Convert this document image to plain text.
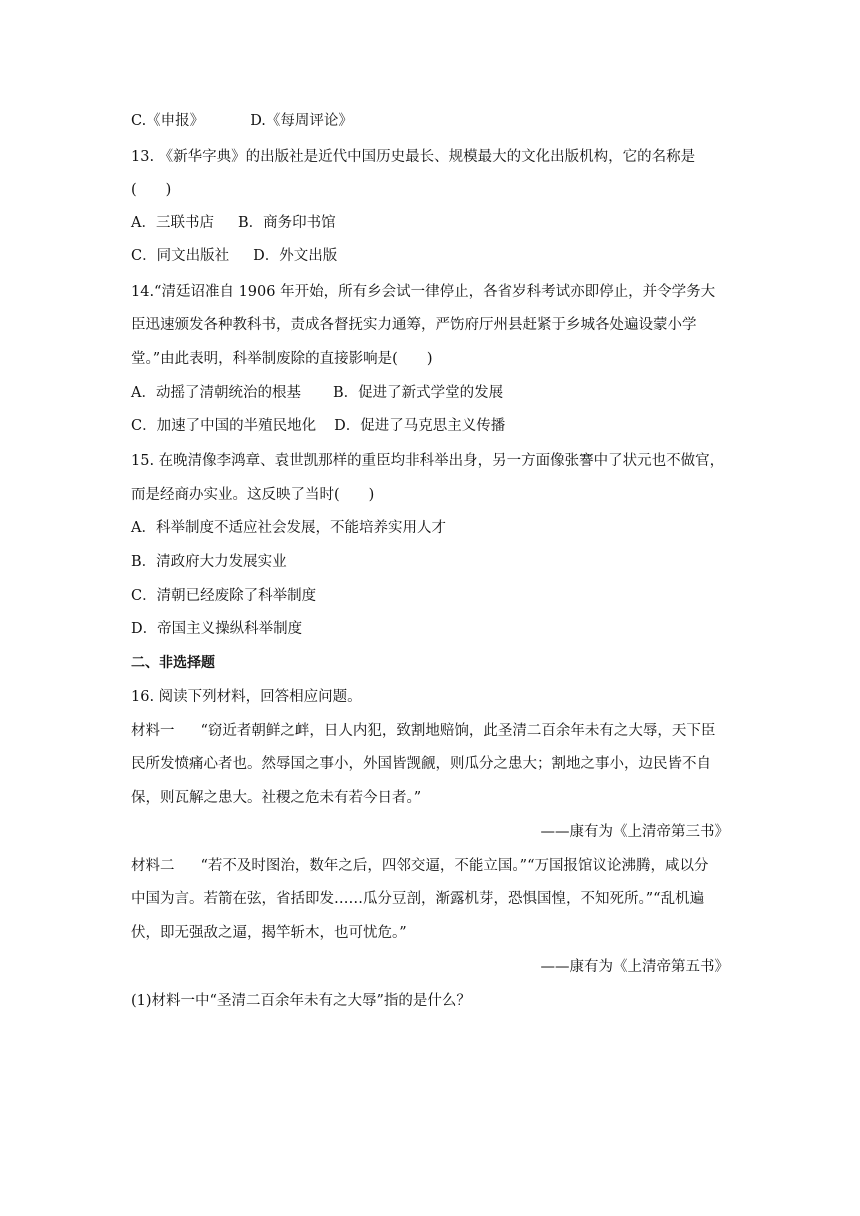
C.《申报》	D.《每周评论》
13. 《新华字典》的出版社是近代中国历史最长、规模最大的文化出版机构，它的名称是
(　　)
A．三联书店 B．商务印书馆
C．同文出版社 D．外文出版
14.“清廷诏准自 1906 年开始，所有乡会试一律停止，各省岁科考试亦即停止，并令学务大
臣迅速颁发各种教科书，责成各督抚实力通筹，严饬府厅州县赶紧于乡城各处遍设蒙小学
堂。”由此表明，科举制废除的直接影响是(　　)
A．动摇了清朝统治的根基 B．促进了新式学堂的发展
C．加速了中国的半殖民地化 D．促进了马克思主义传播
15. 在晚清像李鸿章、袁世凯那样的重臣均非科举出身，另一方面像张謇中了状元也不做官，
而是经商办实业。这反映了当时(　　)
A．科举制度不适应社会发展，不能培养实用人才
B．清政府大力发展实业
C．清朝已经废除了科举制度
D．帝国主义操纵科举制度
二、非选择题
16. 阅读下列材料，回答相应问题。
材料一 “窃近者朝鲜之衅，日人内犯，致割地赔饷，此圣清二百余年未有之大辱，天下臣
民所发愤痛心者也。然辱国之事小，外国皆觊觎，则瓜分之患大；割地之事小，边民皆不自
保，则瓦解之患大。社稷之危未有若今日者。”
——康有为《上清帝第三书》
材料二 “若不及时图治，数年之后，四邻交逼，不能立国。”“万国报馆议论沸腾，咸以分
中国为言。若箭在弦，省括即发……瓜分豆剖，渐露机芽，恐惧国惶，不知死所。”“乱机遍
伏，即无强敌之逼，揭竿斩木，也可忧危。”
——康有为《上清帝第五书》
(1)材料一中“圣清二百余年未有之大辱”指的是什么？
